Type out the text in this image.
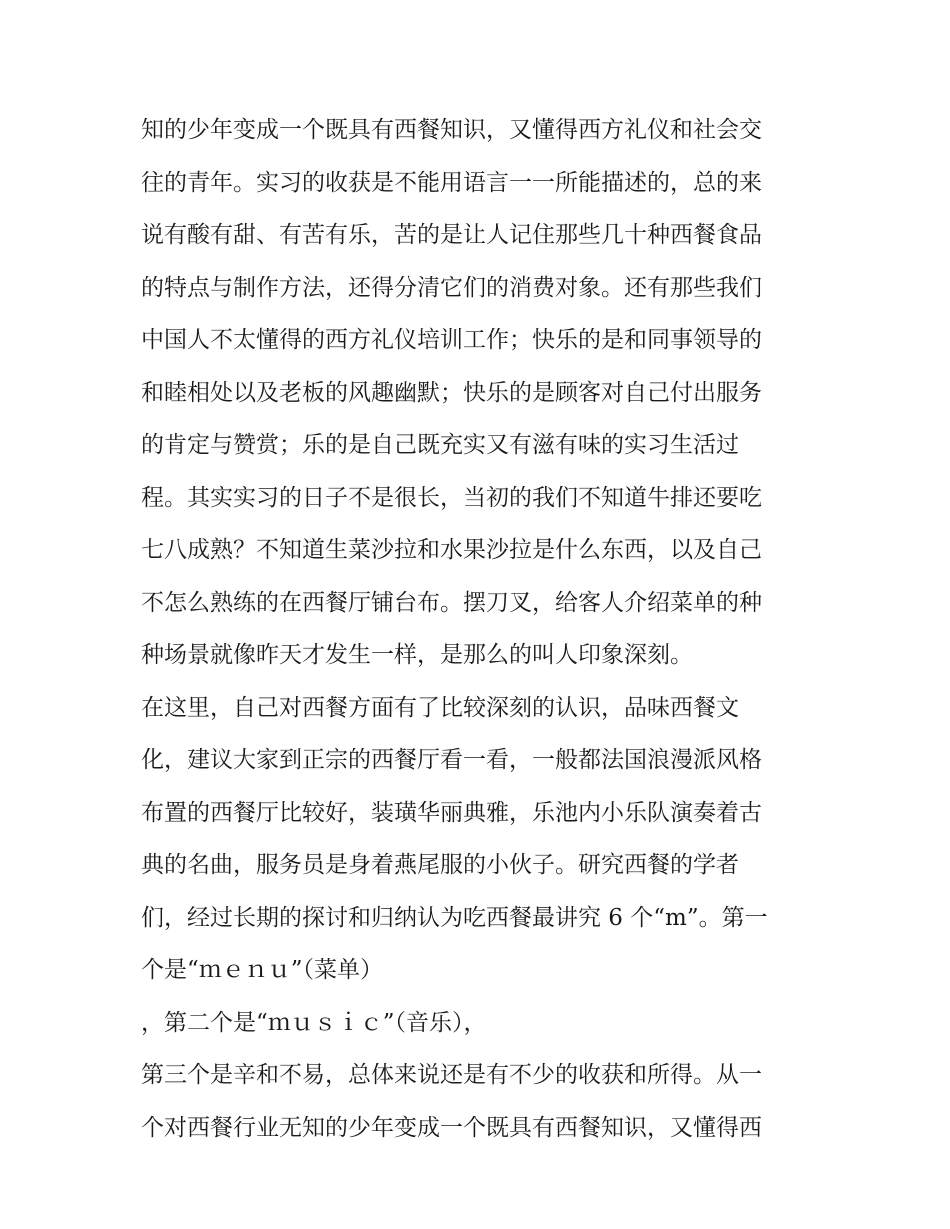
知的少年变成一个既具有西餐知识，又懂得西方礼仪和社会交
往的青年。实习的收获是不能用语言一一所能描述的，总的来
说有酸有甜、有苦有乐，苦的是让人记住那些几十种西餐食品
的特点与制作方法，还得分清它们的消费对象。还有那些我们
中国人不太懂得的西方礼仪培训工作；快乐的是和同事领导的
和睦相处以及老板的风趣幽默；快乐的是顾客对自己付出服务
的肯定与赞赏；乐的是自己既充实又有滋有味的实习生活过
程。其实实习的日子不是很长，当初的我们不知道牛排还要吃
七八成熟？不知道生菜沙拉和水果沙拉是什么东西，以及自己
不怎么熟练的在西餐厅铺台布。摆刀叉，给客人介绍菜单的种
种场景就像昨天才发生一样，是那么的叫人印象深刻。
在这里，自己对西餐方面有了比较深刻的认识，品味西餐文
化，建议大家到正宗的西餐厅看一看，一般都法国浪漫派风格
布置的西餐厅比较好，装璜华丽典雅，乐池内小乐队演奏着古
典的名曲，服务员是身着燕尾服的小伙子。研究西餐的学者
们，经过长期的探讨和归纳认为吃西餐最讲究 6 个“m”。第一
个是“ｍｅｎｕ”（菜单）
，第二个是“ｍｕｓｉｃ”（音乐），
第三个是辛和不易，总体来说还是有不少的收获和所得。从一
个对西餐行业无知的少年变成一个既具有西餐知识，又懂得西
